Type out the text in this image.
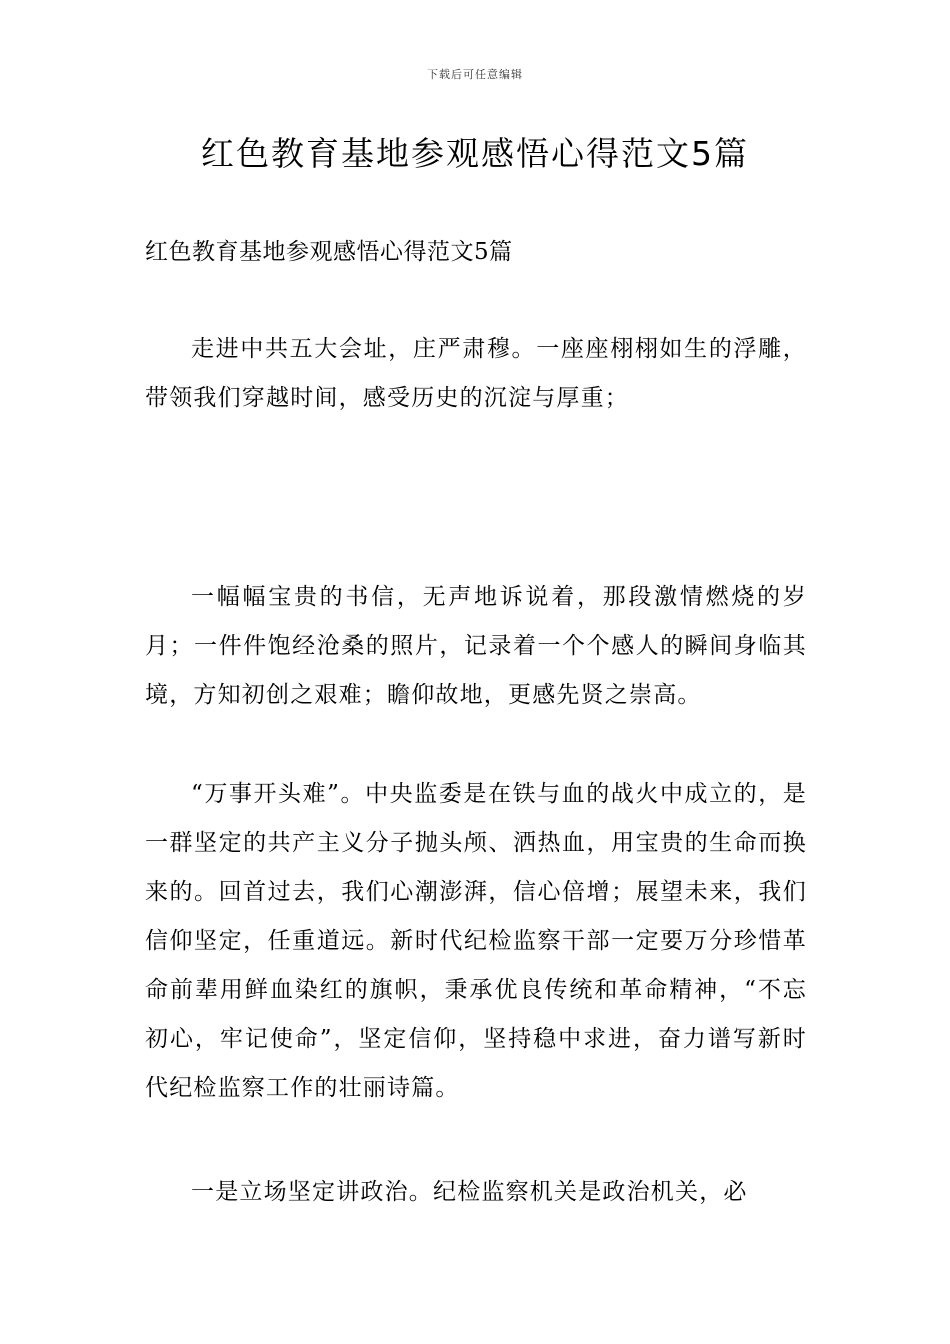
下载后可任意编辑
红色教育基地参观感悟心得范文5篇

红色教育基地参观感悟心得范文5篇

走进中共五大会址，庄严肃穆。一座座栩栩如生的浮雕，带领我们穿越时间，感受历史的沉淀与厚重；

一幅幅宝贵的书信，无声地诉说着，那段激情燃烧的岁月；一件件饱经沧桑的照片，记录着一个个感人的瞬间身临其境，方知初创之艰难；瞻仰故地，更感先贤之崇高。

“万事开头难”。中央监委是在铁与血的战火中成立的，是一群坚定的共产主义分子抛头颅、洒热血，用宝贵的生命而换来的。回首过去，我们心潮澎湃，信心倍增；展望未来，我们信仰坚定，任重道远。新时代纪检监察干部一定要万分珍惜革命前辈用鲜血染红的旗帜，秉承优良传统和革命精神，“不忘初心，牢记使命”，坚定信仰，坚持稳中求进，奋力谱写新时代纪检监察工作的壮丽诗篇。

一是立场坚定讲政治。纪检监察机关是政治机关，必
